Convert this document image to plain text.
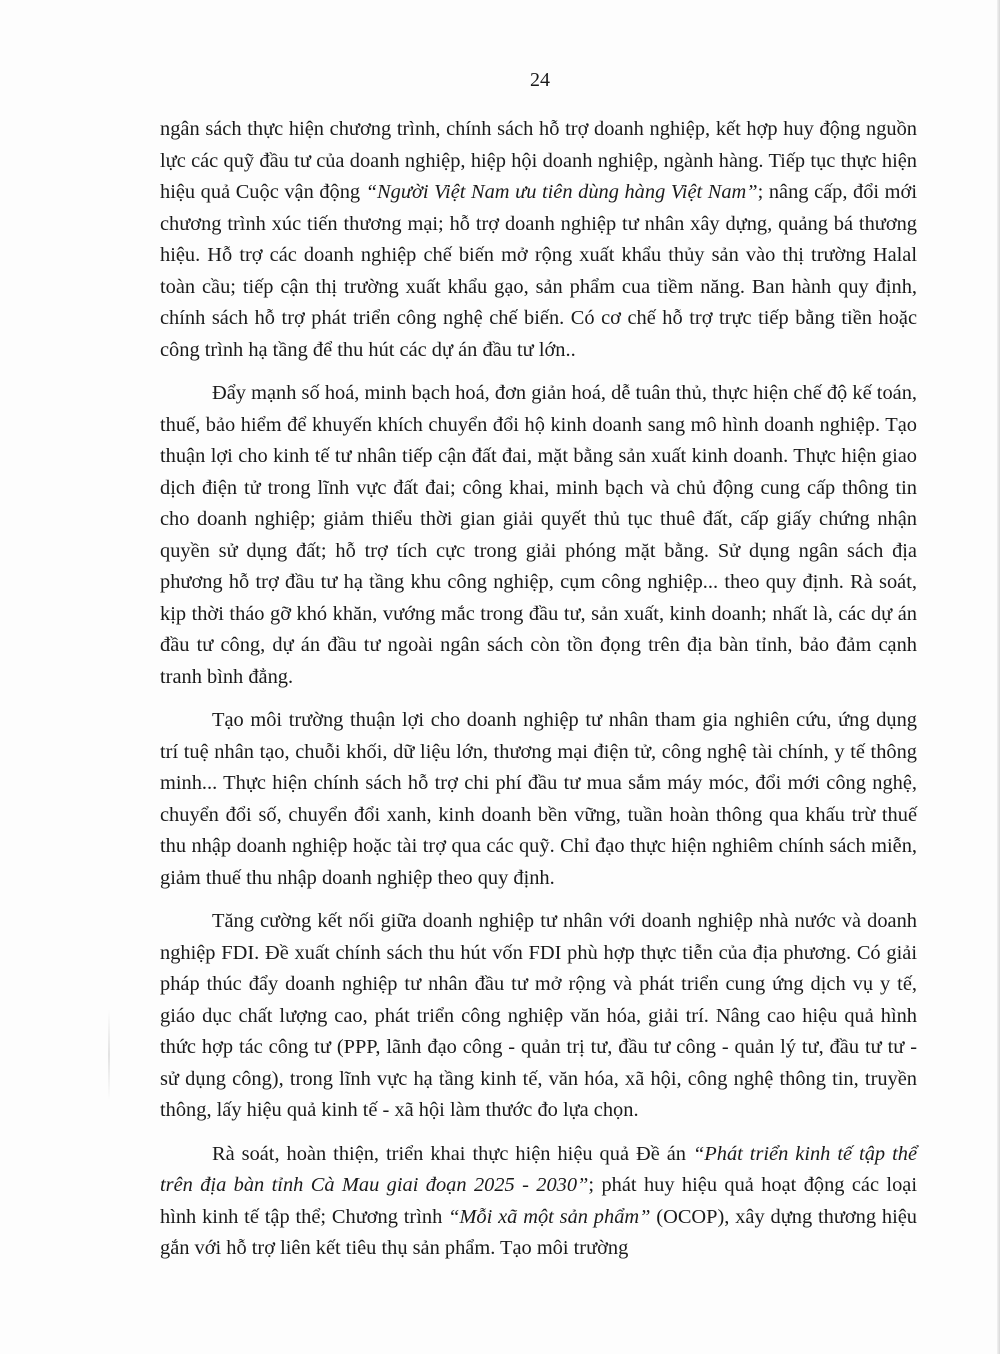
24

ngân sách thực hiện chương trình, chính sách hỗ trợ doanh nghiệp, kết hợp huy động nguồn lực các quỹ đầu tư của doanh nghiệp, hiệp hội doanh nghiệp, ngành hàng. Tiếp tục thực hiện hiệu quả Cuộc vận động “Người Việt Nam ưu tiên dùng hàng Việt Nam”; nâng cấp, đổi mới chương trình xúc tiến thương mại; hỗ trợ doanh nghiệp tư nhân xây dựng, quảng bá thương hiệu. Hỗ trợ các doanh nghiệp chế biến mở rộng xuất khẩu thủy sản vào thị trường Halal toàn cầu; tiếp cận thị trường xuất khẩu gạo, sản phẩm cua tiềm năng. Ban hành quy định, chính sách hỗ trợ phát triển công nghệ chế biến. Có cơ chế hỗ trợ trực tiếp bằng tiền hoặc công trình hạ tầng để thu hút các dự án đầu tư lớn..

Đẩy mạnh số hoá, minh bạch hoá, đơn giản hoá, dễ tuân thủ, thực hiện chế độ kế toán, thuế, bảo hiểm để khuyến khích chuyển đổi hộ kinh doanh sang mô hình doanh nghiệp. Tạo thuận lợi cho kinh tế tư nhân tiếp cận đất đai, mặt bằng sản xuất kinh doanh. Thực hiện giao dịch điện tử trong lĩnh vực đất đai; công khai, minh bạch và chủ động cung cấp thông tin cho doanh nghiệp; giảm thiểu thời gian giải quyết thủ tục thuê đất, cấp giấy chứng nhận quyền sử dụng đất; hỗ trợ tích cực trong giải phóng mặt bằng. Sử dụng ngân sách địa phương hỗ trợ đầu tư hạ tầng khu công nghiệp, cụm công nghiệp... theo quy định. Rà soát, kịp thời tháo gỡ khó khăn, vướng mắc trong đầu tư, sản xuất, kinh doanh; nhất là, các dự án đầu tư công, dự án đầu tư ngoài ngân sách còn tồn đọng trên địa bàn tỉnh, bảo đảm cạnh tranh bình đẳng.

Tạo môi trường thuận lợi cho doanh nghiệp tư nhân tham gia nghiên cứu, ứng dụng trí tuệ nhân tạo, chuỗi khối, dữ liệu lớn, thương mại điện tử, công nghệ tài chính, y tế thông minh... Thực hiện chính sách hỗ trợ chi phí đầu tư mua sắm máy móc, đổi mới công nghệ, chuyển đổi số, chuyển đổi xanh, kinh doanh bền vững, tuần hoàn thông qua khấu trừ thuế thu nhập doanh nghiệp hoặc tài trợ qua các quỹ. Chỉ đạo thực hiện nghiêm chính sách miễn, giảm thuế thu nhập doanh nghiệp theo quy định.

Tăng cường kết nối giữa doanh nghiệp tư nhân với doanh nghiệp nhà nước và doanh nghiệp FDI. Đề xuất chính sách thu hút vốn FDI phù hợp thực tiễn của địa phương. Có giải pháp thúc đẩy doanh nghiệp tư nhân đầu tư mở rộng và phát triển cung ứng dịch vụ y tế, giáo dục chất lượng cao, phát triển công nghiệp văn hóa, giải trí. Nâng cao hiệu quả hình thức hợp tác công tư (PPP, lãnh đạo công - quản trị tư, đầu tư công - quản lý tư, đầu tư tư - sử dụng công), trong lĩnh vực hạ tầng kinh tế, văn hóa, xã hội, công nghệ thông tin, truyền thông, lấy hiệu quả kinh tế - xã hội làm thước đo lựa chọn.

Rà soát, hoàn thiện, triển khai thực hiện hiệu quả Đề án “Phát triển kinh tế tập thể trên địa bàn tỉnh Cà Mau giai đoạn 2025 - 2030”; phát huy hiệu quả hoạt động các loại hình kinh tế tập thể; Chương trình “Mỗi xã một sản phẩm” (OCOP), xây dựng thương hiệu gắn với hỗ trợ liên kết tiêu thụ sản phẩm. Tạo môi trường
